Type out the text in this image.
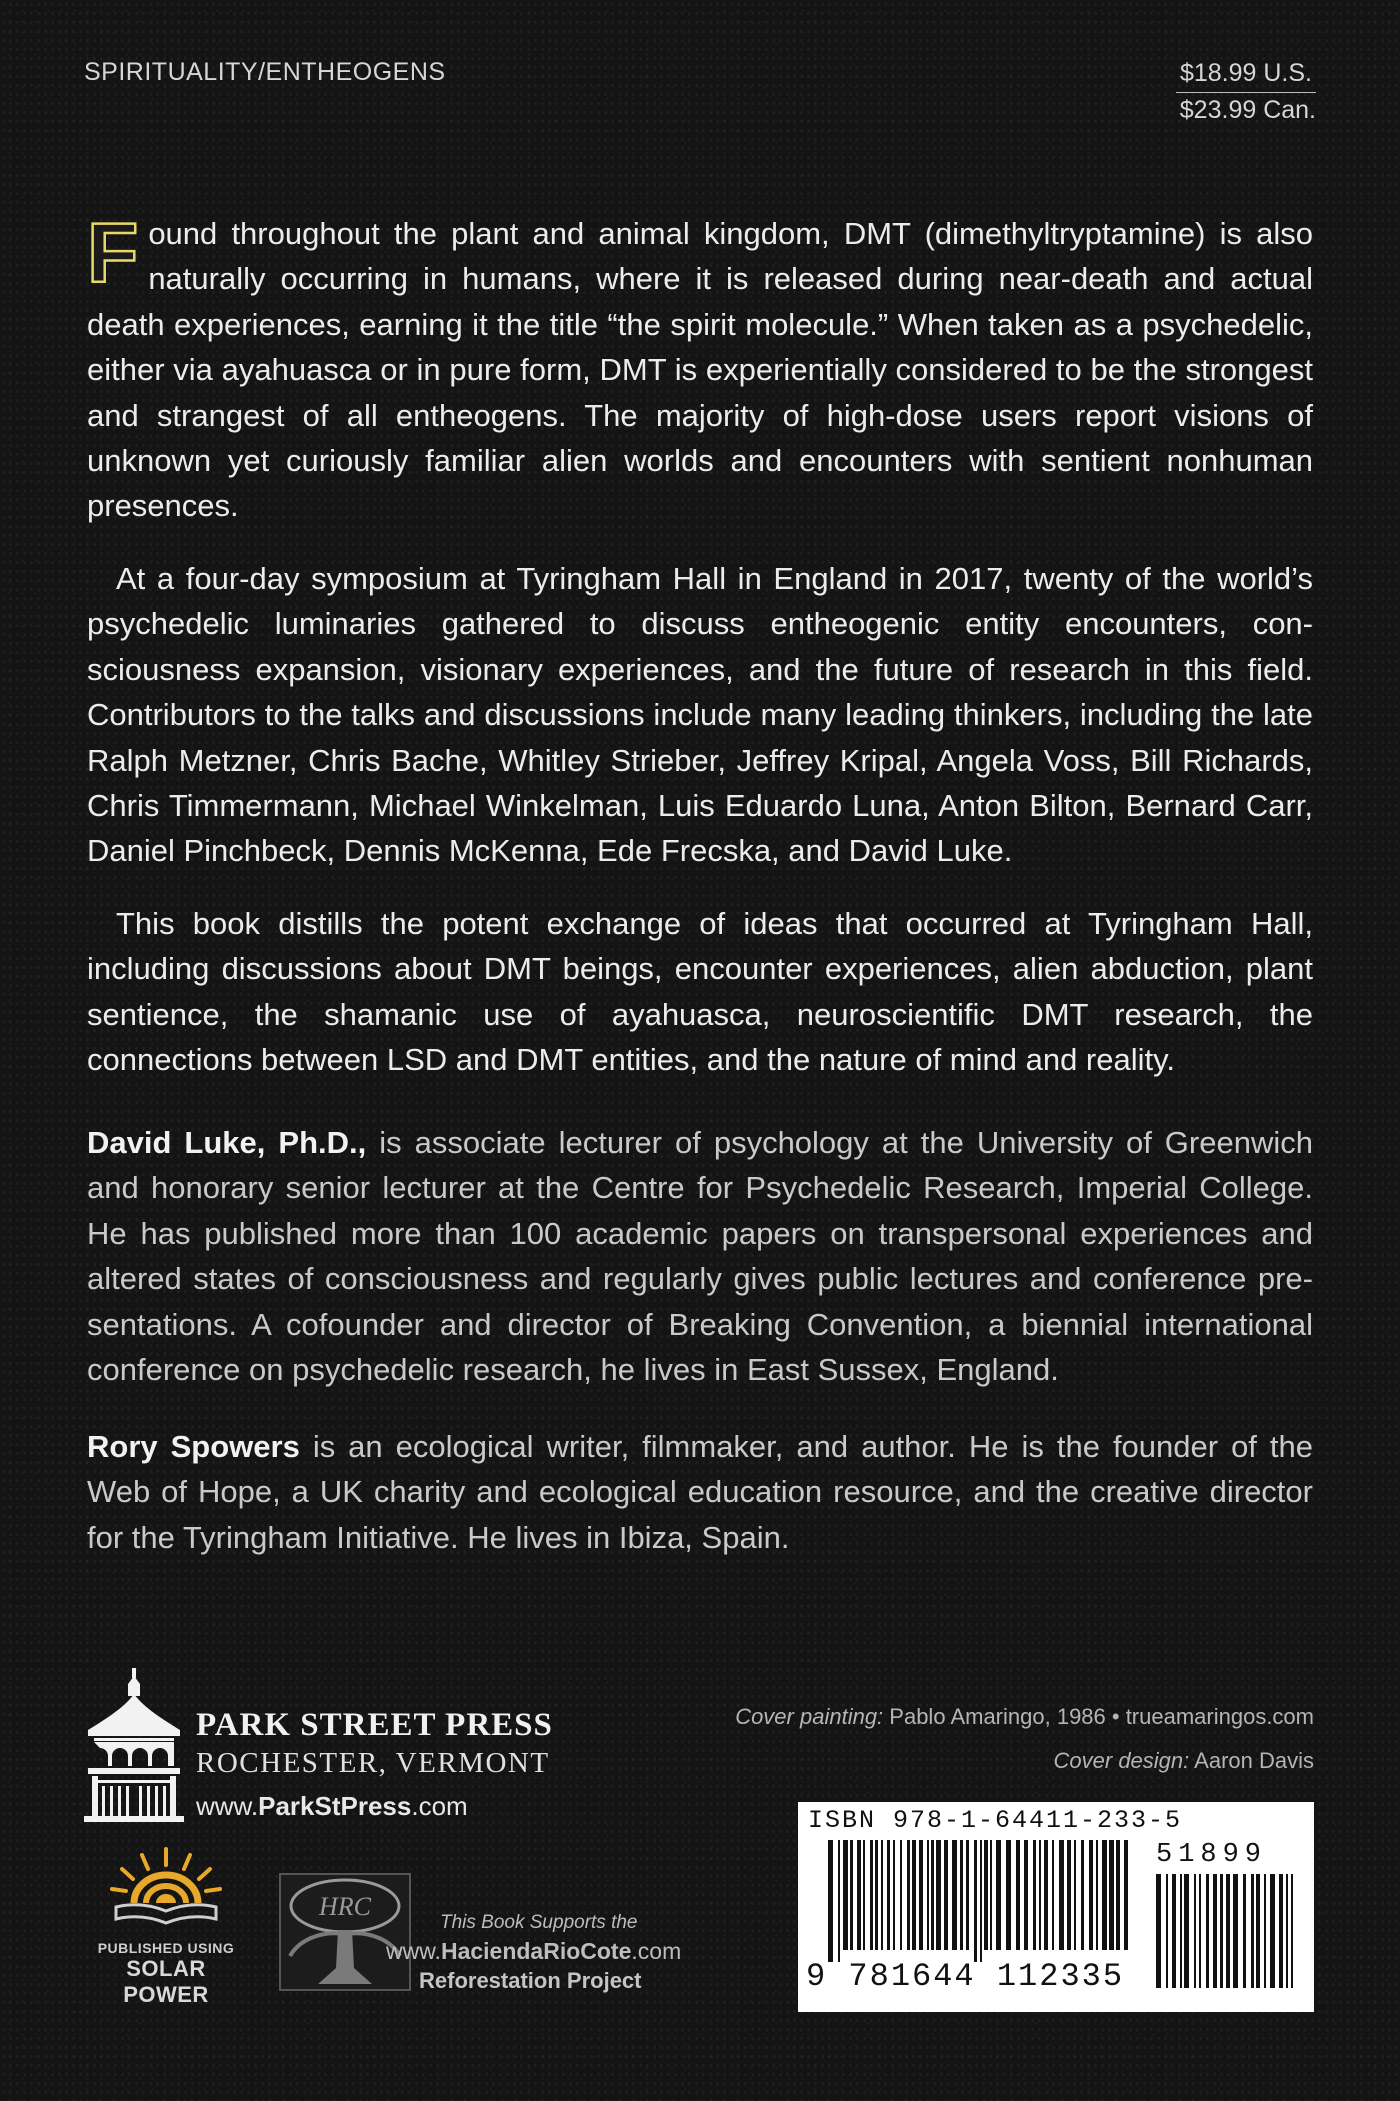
SPIRITUALITY/ENTHEOGENS	$18.99 U.S.
$23.99 Can.

Found throughout the plant and animal kingdom, DMT (dimethyltryptamine) is also naturally occurring in humans, where it is released during near-death and actual death experiences, earning it the title “the spirit molecule.” When taken as a psychedelic, either via ayahuasca or in pure form, DMT is experientially considered to be the strongest and strangest of all entheogens. The majority of high-dose users report visions of unknown yet curiously familiar alien worlds and encounters with sentient nonhuman presences.

At a four-day symposium at Tyringham Hall in England in 2017, twenty of the world’s psychedelic luminaries gathered to discuss entheogenic entity encounters, consciousness expansion, visionary experiences, and the future of research in this field. Contributors to the talks and discussions include many leading thinkers, including the late Ralph Metzner, Chris Bache, Whitley Strieber, Jeffrey Kripal, Angela Voss, Bill Richards, Chris Timmermann, Michael Winkelman, Luis Eduardo Luna, Anton Bilton, Bernard Carr, Daniel Pinchbeck, Dennis McKenna, Ede Frecska, and David Luke.
This book distills the potent exchange of ideas that occurred at Tyringham Hall, including discussions about DMT beings, encounter experiences, alien abduction, plant sentience, the shamanic use of ayahuasca, neuroscientific DMT research, the connections between LSD and DMT entities, and the nature of mind and reality.
David Luke, Ph.D., is associate lecturer of psychology at the University of Greenwich and honorary senior lecturer at the Centre for Psychedelic Research, Imperial College. He has published more than 100 academic papers on transpersonal experiences and altered states of consciousness and regularly gives public lectures and conference presentations. A cofounder and director of Breaking Convention, a biennial international conference on psychedelic research, he lives in East Sussex, England.
Rory Spowers is an ecological writer, filmmaker, and author. He is the founder of the Web of Hope, a UK charity and ecological education resource, and the creative director for the Tyringham Initiative. He lives in Ibiza, Spain.
PARK STREET PRESS
ROCHESTER, VERMONT
www.ParkStPress.com
PUBLISHED USING
SOLAR POWER
HRC
This Book Supports the
www.HaciendaRioCote.com
Reforestation Project
Cover painting: Pablo Amaringo, 1986 • trueamaringos.com
Cover design: Aaron Davis
ISBN 978-1-64411-233-5
51899
9 781644 112335
